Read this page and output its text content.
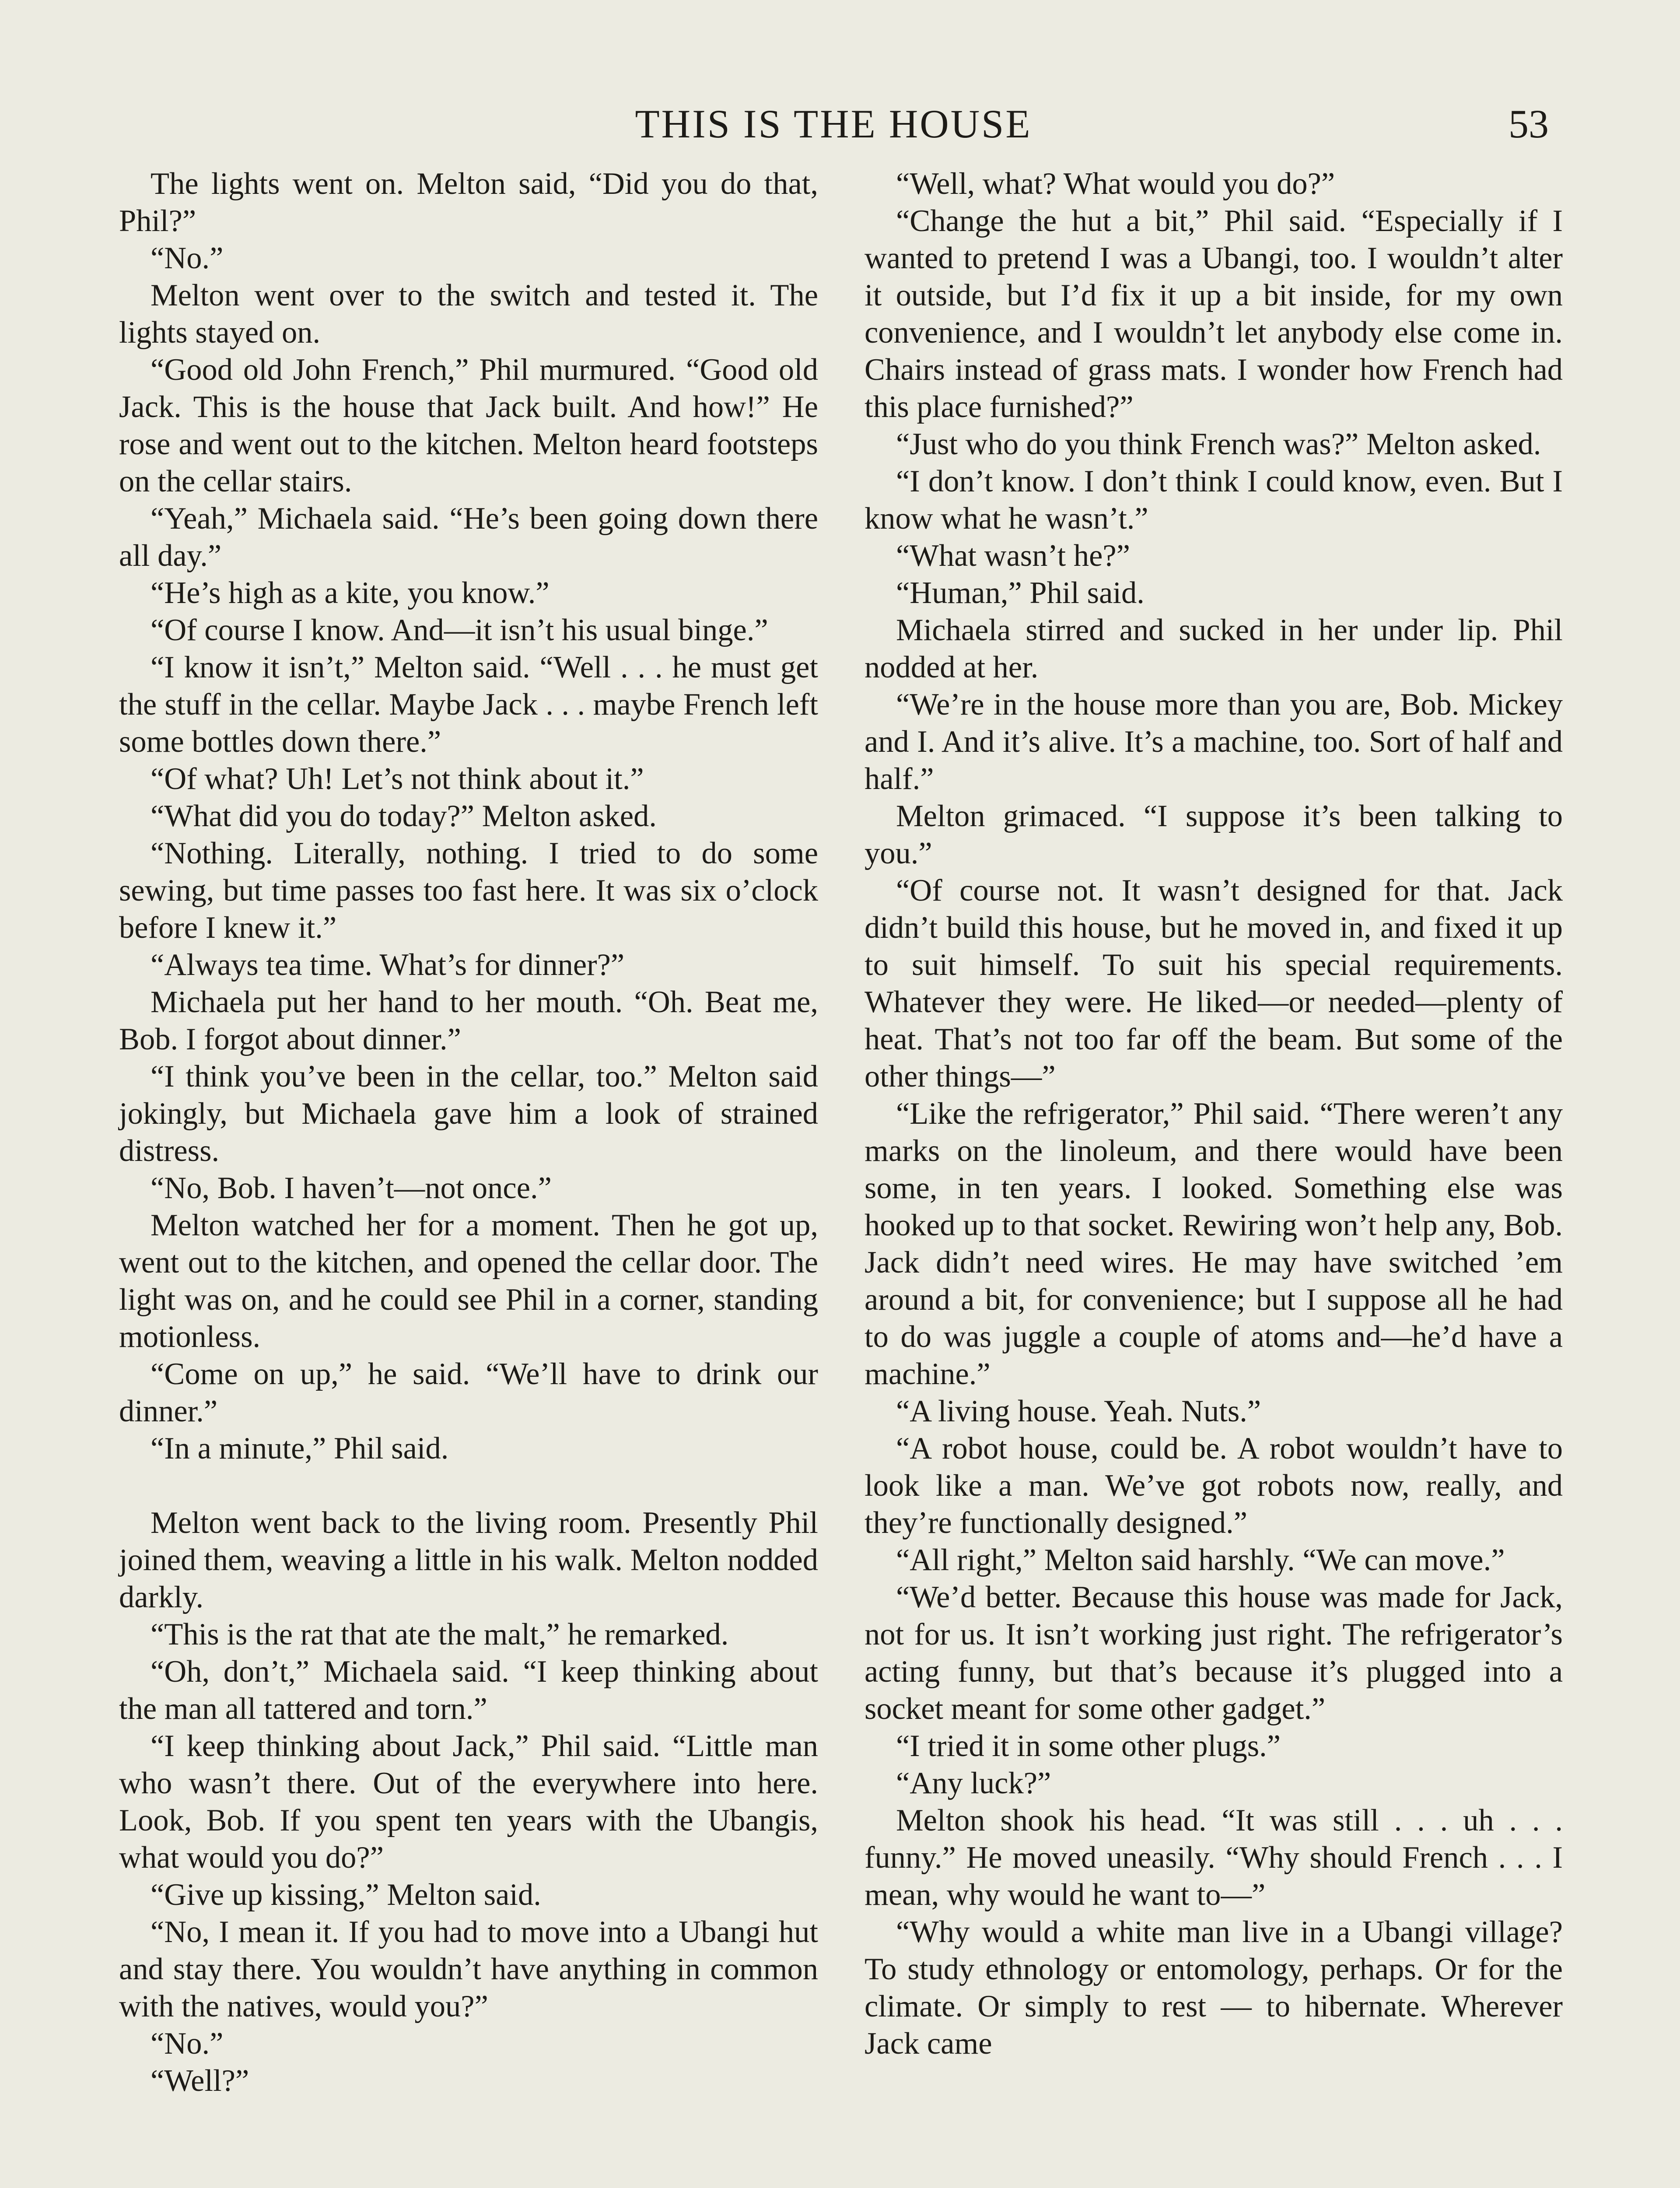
THIS IS THE HOUSE	53

The lights went on. Melton said, “Did you do that, Phil?”

“No.”

Melton went over to the switch and tested it. The lights stayed on.

“Good old John French,” Phil murmured. “Good old Jack. This is the house that Jack built. And how!” He rose and went out to the kitchen. Melton heard footsteps on the cellar stairs.

“Yeah,” Michaela said. “He’s been going down there all day.”

“He’s high as a kite, you know.”

“Of course I know. And—it isn’t his usual binge.”

“I know it isn’t,” Melton said. “Well . . . he must get the stuff in the cellar. Maybe Jack . . . maybe French left some bottles down there.”

“Of what? Uh! Let’s not think about it.”

“What did you do today?” Melton asked.

“Nothing. Literally, nothing. I tried to do some sewing, but time passes too fast here. It was six o’clock before I knew it.”

“Always tea time. What’s for dinner?”

Michaela put her hand to her mouth. “Oh. Beat me, Bob. I forgot about dinner.”

“I think you’ve been in the cellar, too.” Melton said jokingly, but Michaela gave him a look of strained distress.

“No, Bob. I haven’t—not once.”

Melton watched her for a moment. Then he got up, went out to the kitchen, and opened the cellar door. The light was on, and he could see Phil in a corner, standing motionless.

“Come on up,” he said. “We’ll have to drink our dinner.”

“In a minute,” Phil said.

Melton went back to the living room. Presently Phil joined them, weaving a little in his walk. Melton nodded darkly.

“This is the rat that ate the malt,” he remarked.

“Oh, don’t,” Michaela said. “I keep thinking about the man all tattered and torn.”

“I keep thinking about Jack,” Phil said. “Little man who wasn’t there. Out of the everywhere into here. Look, Bob. If you spent ten years with the Ubangis, what would you do?”

“Give up kissing,” Melton said.

“No, I mean it. If you had to move into a Ubangi hut and stay there. You wouldn’t have anything in common with the natives, would you?”

“No.”

“Well?”

“Well, what? What would you do?”

“Change the hut a bit,” Phil said. “Especially if I wanted to pretend I was a Ubangi, too. I wouldn’t alter it outside, but I’d fix it up a bit inside, for my own convenience, and I wouldn’t let anybody else come in. Chairs instead of grass mats. I wonder how French had this place furnished?”

“Just who do you think French was?” Melton asked.

“I don’t know. I don’t think I could know, even. But I know what he wasn’t.”

“What wasn’t he?”

“Human,” Phil said.

Michaela stirred and sucked in her under lip. Phil nodded at her.

“We’re in the house more than you are, Bob. Mickey and I. And it’s alive. It’s a machine, too. Sort of half and half.”

Melton grimaced. “I suppose it’s been talking to you.”

“Of course not. It wasn’t designed for that. Jack didn’t build this house, but he moved in, and fixed it up to suit himself. To suit his special requirements. Whatever they were. He liked—or needed—plenty of heat. That’s not too far off the beam. But some of the other things—”

“Like the refrigerator,” Phil said. “There weren’t any marks on the linoleum, and there would have been some, in ten years. I looked. Something else was hooked up to that socket. Rewiring won’t help any, Bob. Jack didn’t need wires. He may have switched ’em around a bit, for convenience; but I suppose all he had to do was juggle a couple of atoms and—he’d have a machine.”

“A living house. Yeah. Nuts.”

“A robot house, could be. A robot wouldn’t have to look like a man. We’ve got robots now, really, and they’re functionally designed.”

“All right,” Melton said harshly. “We can move.”

“We’d better. Because this house was made for Jack, not for us. It isn’t working just right. The refrigerator’s acting funny, but that’s because it’s plugged into a socket meant for some other gadget.”

“I tried it in some other plugs.”

“Any luck?”

Melton shook his head. “It was still . . . uh . . . funny.” He moved uneasily. “Why should French . . . I mean, why would he want to—”

“Why would a white man live in a Ubangi village? To study ethnology or entomology, perhaps. Or for the climate. Or simply to rest — to hibernate. Wherever Jack came
